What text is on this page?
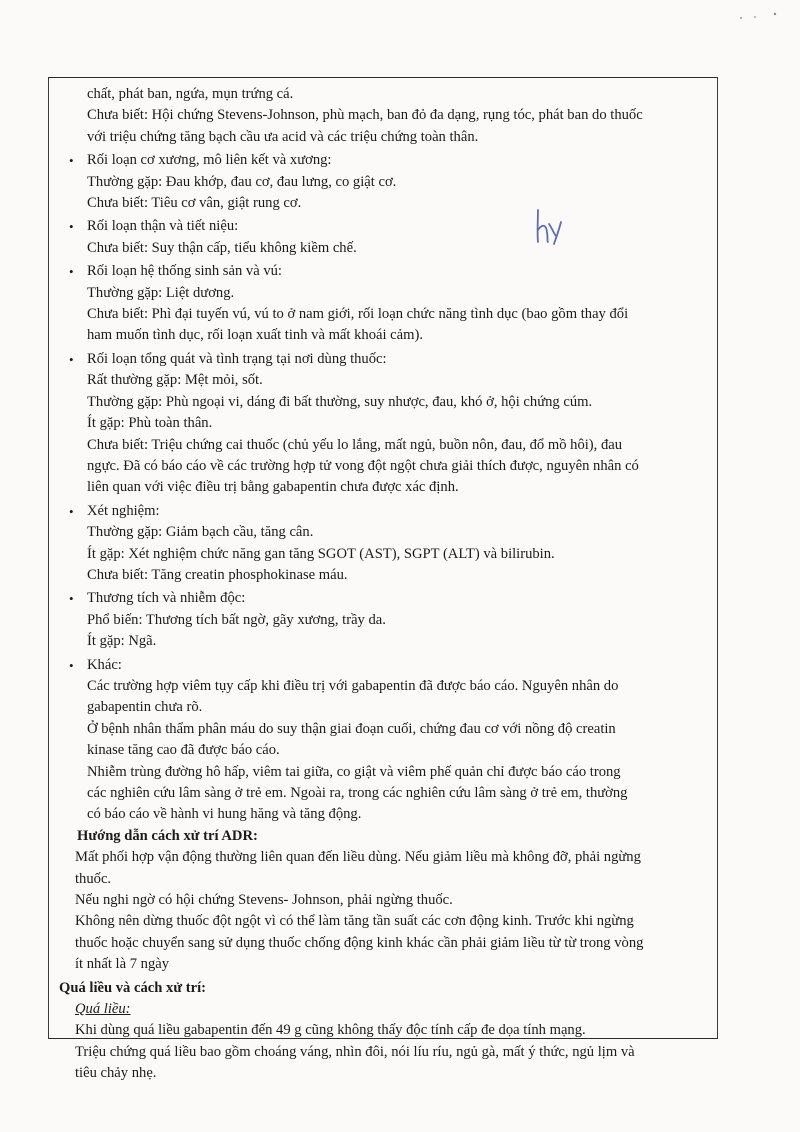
chất, phát ban, ngứa, mụn trứng cá.
Chưa biết: Hội chứng Stevens-Johnson, phù mạch, ban đỏ đa dạng, rụng tóc, phát ban do thuốc
với triệu chứng tăng bạch cầu ưa acid và các triệu chứng toàn thân.
• Rối loạn cơ xương, mô liên kết và xương:
Thường gặp: Đau khớp, đau cơ, đau lưng, co giật cơ.
Chưa biết: Tiêu cơ vân, giật rung cơ.
• Rối loạn thận và tiết niệu:
Chưa biết: Suy thận cấp, tiểu không kiềm chế.
• Rối loạn hệ thống sinh sản và vú:
Thường gặp: Liệt dương.
Chưa biết: Phì đại tuyến vú, vú to ở nam giới, rối loạn chức năng tình dục (bao gồm thay đổi
ham muốn tình dục, rối loạn xuất tinh và mất khoái cảm).
• Rối loạn tổng quát và tình trạng tại nơi dùng thuốc:
Rất thường gặp: Mệt mỏi, sốt.
Thường gặp: Phù ngoại vi, dáng đi bất thường, suy nhược, đau, khó ở, hội chứng cúm.
Ít gặp: Phù toàn thân.
Chưa biết: Triệu chứng cai thuốc (chủ yếu lo lắng, mất ngủ, buồn nôn, đau, đổ mồ hôi), đau
ngực. Đã có báo cáo về các trường hợp tử vong đột ngột chưa giải thích được, nguyên nhân có
liên quan với việc điều trị bằng gabapentin chưa được xác định.
• Xét nghiệm:
Thường gặp: Giảm bạch cầu, tăng cân.
Ít gặp: Xét nghiệm chức năng gan tăng SGOT (AST), SGPT (ALT) và bilirubin.
Chưa biết: Tăng creatin phosphokinase máu.
• Thương tích và nhiễm độc:
Phổ biến: Thương tích bất ngờ, gãy xương, trầy da.
Ít gặp: Ngã.
• Khác:
Các trường hợp viêm tụy cấp khi điều trị với gabapentin đã được báo cáo. Nguyên nhân do
gabapentin chưa rõ.
Ở bệnh nhân thẩm phân máu do suy thận giai đoạn cuối, chứng đau cơ với nồng độ creatin
kinase tăng cao đã được báo cáo.
Nhiễm trùng đường hô hấp, viêm tai giữa, co giật và viêm phế quản chỉ được báo cáo trong
các nghiên cứu lâm sàng ở trẻ em. Ngoài ra, trong các nghiên cứu lâm sàng ở trẻ em, thường
có báo cáo về hành vi hung hăng và tăng động.
Hướng dẫn cách xử trí ADR:
Mất phối hợp vận động thường liên quan đến liều dùng. Nếu giảm liều mà không đỡ, phải ngừng
thuốc.
Nếu nghi ngờ có hội chứng Stevens- Johnson, phải ngừng thuốc.
Không nên dừng thuốc đột ngột vì có thể làm tăng tần suất các cơn động kinh. Trước khi ngừng
thuốc hoặc chuyển sang sử dụng thuốc chống động kinh khác cần phải giảm liều từ từ trong vòng
ít nhất là 7 ngày
Quá liều và cách xử trí:
Quá liều:
Khi dùng quá liều gabapentin đến 49 g cũng không thấy độc tính cấp đe dọa tính mạng.
Triệu chứng quá liều bao gồm choáng váng, nhìn đôi, nói líu ríu, ngủ gà, mất ý thức, ngủ lịm và
tiêu chảy nhẹ.
